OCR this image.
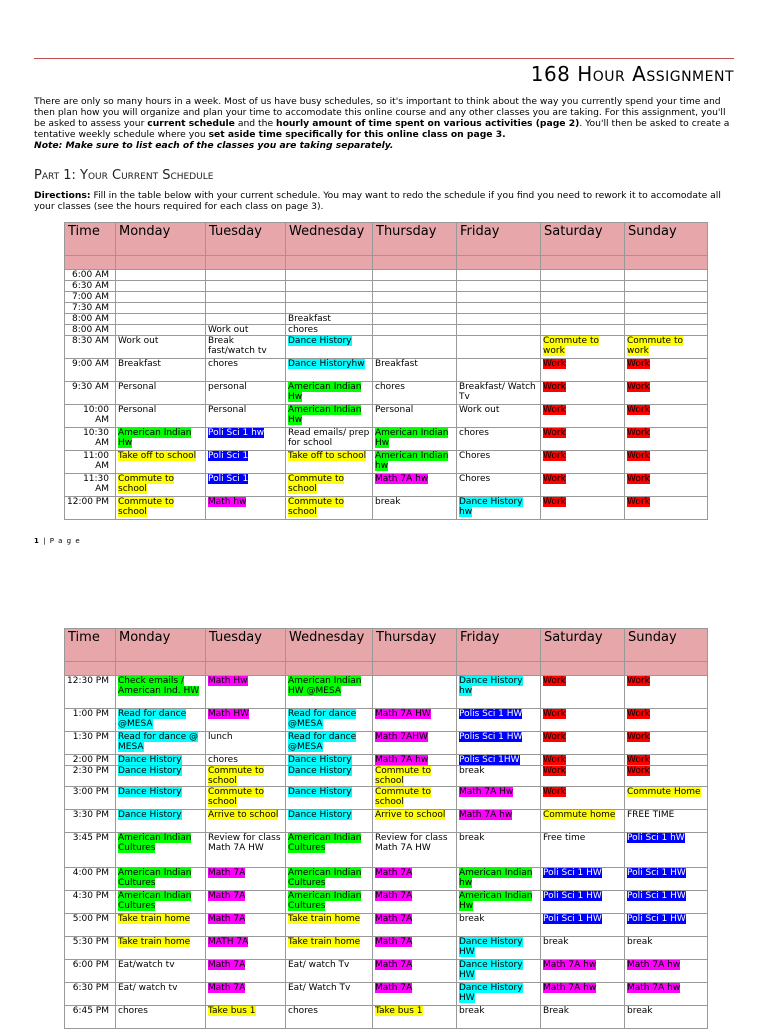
168 Hour Assignment
There are only so many hours in a week. Most of us have busy schedules, so it's important to think about the way you currently spend your time and then plan how you will organize and plan your time to accomodate this online course and any other classes you are taking. For this assignment, you'll be asked to assess your current schedule and the hourly amount of time spent on various activities (page 2). You'll then be asked to create a tentative weekly schedule where you set aside time specifically for this online class on page 3.
Note: Make sure to list each of the classes you are taking separately.
Part 1: Your Current Schedule
Directions: Fill in the table below with your current schedule. You may want to redo the schedule if you find you need to rework it to accomodate all your classes (see the hours required for each class on page 3).
Time	Monday	Tuesday	Wednesday	Thursday	Friday	Saturday	Sunday

6:00 AM							
6:30 AM							
7:00 AM							
7:30 AM							
8:00 AM			Breakfast				
8:00 AM		Work out	chores				
8:30 AM	Work out	Break fast/watch tv	Dance History			Commute to work	Commute to work
9:00 AM	Breakfast	chores	Dance Historyhw	Breakfast		Work	Work
9:30 AM	Personal	personal	American Indian Hw	chores	Breakfast/ Watch Tv	Work	Work
10:00 AM	Personal	Personal	American Indian Hw	Personal	Work out	Work	Work
10:30 AM	American Indian Hw	Poli Sci 1 hw	Read emails/ prep for school	American Indian Hw	chores	Work	Work
11:00 AM	Take off to school	Poli Sci 1	Take off to school	American Indian hw	Chores	Work	Work
11:30 AM	Commute to school	Poli Sci 1	Commute to school	Math 7A hw	Chores	Work	Work
12:00 PM	Commute to school	Math hw	Commute to school	break	Dance History hw	Work	Work
1 | P a g e
Time	Monday	Tuesday	Wednesday	Thursday	Friday	Saturday	Sunday

12:30 PM	Check emails / American Ind. HW	Math Hw	American Indian HW @MESA		Dance History hw	Work	Work
1:00 PM	Read for dance @MESA	Math HW	Read for dance @MESA	Math 7A HW	Polis Sci 1 HW	Work	Work
1:30 PM	Read for dance @ MESA	lunch	Read for dance @MESA	Math 7AHW	Polis Sci 1 HW	Work	Work
2:00 PM	Dance History	chores	Dance History	Math 7A hw	Polis Sci 1HW	Work	Work
2:30 PM	Dance History	Commute to school	Dance History	Commute to school	break	Work	Work
3:00 PM	Dance History	Commute to school	Dance History	Commute to school	Math 7A Hw	Work	Commute Home
3:30 PM	Dance History	Arrive to school	Dance History	Arrive to school	Math 7A hw	Commute home	FREE TIME
3:45 PM	American Indian Cultures	Review for class Math 7A HW	American Indian Cultures	Review for class Math 7A HW	break	Free time	Poli Sci 1 hW
4:00 PM	American Indian Cultures	Math 7A	American Indian Cultures	Math 7A	American Indian hw	Poli Sci 1 HW	Poli Sci 1 HW
4:30 PM	American Indian Cultures	Math 7A	American Indian Cultures	Math 7A	American Indian Hw	Poli Sci 1 HW	Poli Sci 1 HW
5:00 PM	Take train home	Math 7A	Take train home	Math 7A	break	Poli Sci 1 HW	Poli Sci 1 HW
5:30 PM	Take train home	MATH 7A	Take train home	Math 7A	Dance History HW	break	break
6:00 PM	Eat/watch tv	Math 7A	Eat/ watch Tv	Math 7A	Dance History HW	Math 7A hw	Math 7A hw
6:30 PM	Eat/ watch tv	Math 7A	Eat/ Watch Tv	Math 7A	Dance History HW	Math 7A hw	Math 7A hw
6:45 PM	chores	Take bus 1	chores	Take bus 1	break	Break	break
